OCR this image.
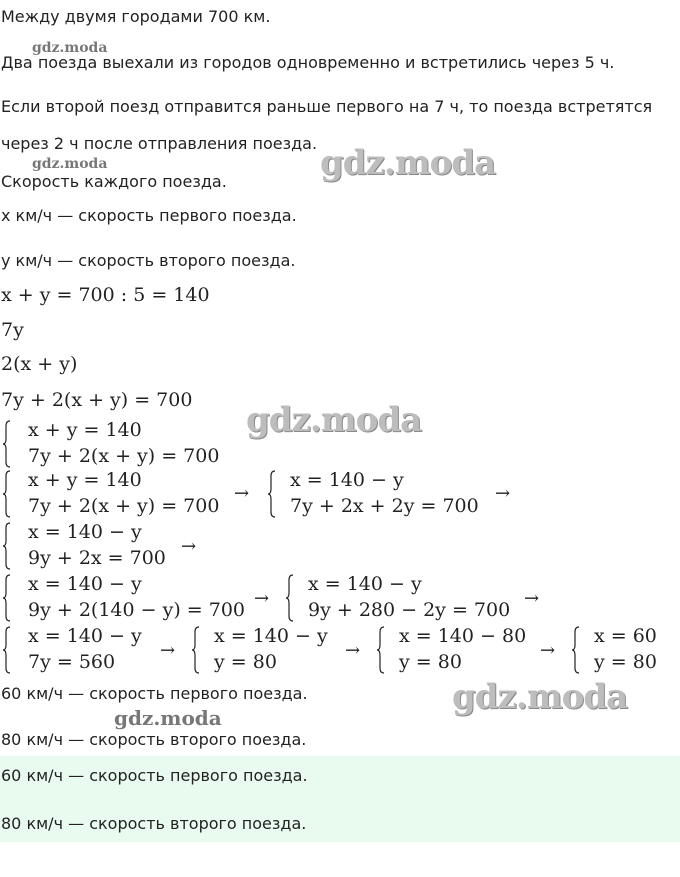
Между двумя городами 700 км.
gdz.moda
Два поезда выехали из городов одновременно и встретились через 5 ч.
Если второй поезд отправится раньше первого на 7 ч, то поезда встретятся
через 2 ч после отправления поезда.
gdz.moda	gdz.moda
Скорость каждого поезда.
x км/ч — скорость первого поезда.
y км/ч — скорость второго поезда.
x + y = 700 : 5 = 140
7y
2(x + y)
7y + 2(x + y) = 700 gdz.moda
x + y = 140
7y + 2(x + y) = 700
x + y = 140
7y + 2(x + y) = 700
→
x = 140 − y
7y + 2x + 2y = 700
→
x = 140 − y
9y + 2x = 700
→
x = 140 − y
9y + 2(140 − y) = 700
→
x = 140 − y
9y + 280 − 2y = 700
→
x = 140 − y
7y = 560
→
x = 140 − y
y = 80
→
x = 140 − 80
y = 80
→
x = 60
y = 80
60 км/ч — скорость первого поезда.	gdz.moda
gdz.moda
80 км/ч — скорость второго поезда.
60 км/ч — скорость первого поезда.
80 км/ч — скорость второго поезда.
